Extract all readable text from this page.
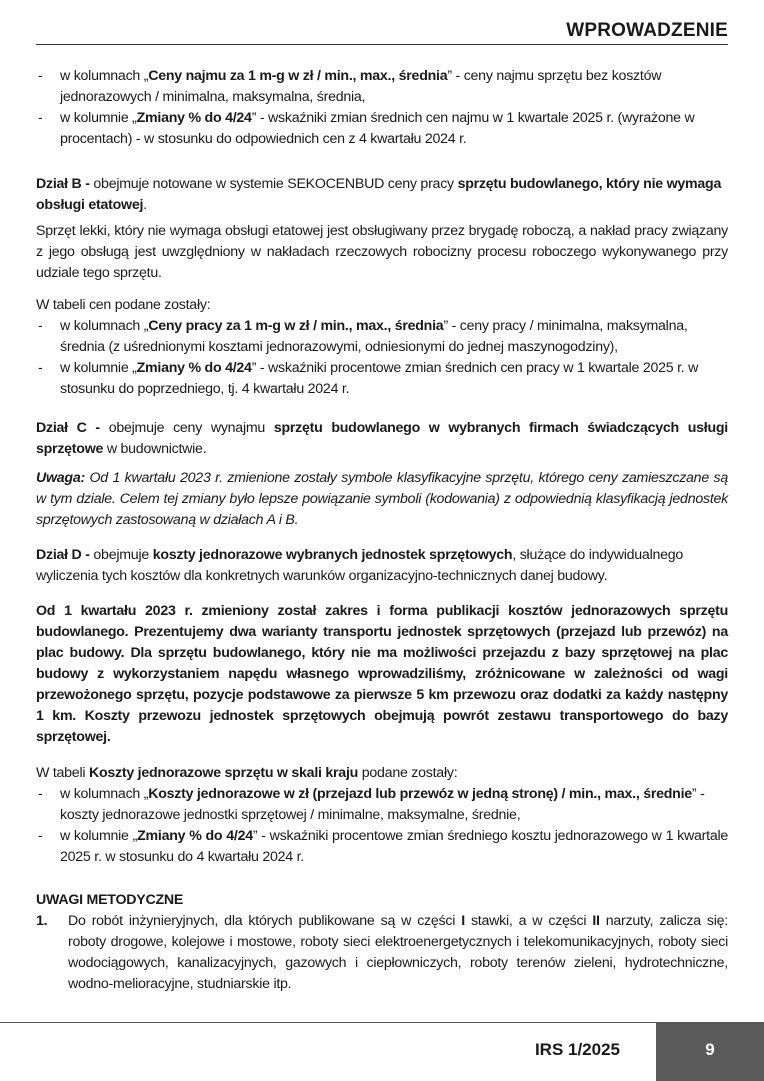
WPROWADZENIE

- w kolumnach „Ceny najmu za 1 m-g w zł / min., max., średnia” - ceny najmu sprzętu bez kosztów jednorazowych / minimalna, maksymalna, średnia,

- w kolumnie „Zmiany % do 4/24” - wskaźniki zmian średnich cen najmu w 1 kwartale 2025 r. (wyrażone w procentach) - w stosunku do odpowiednich cen z 4 kwartału 2024 r.

Dział B - obejmuje notowane w systemie SEKOCENBUD ceny pracy sprzętu budowlanego, który nie wymaga obsługi etatowej.

Sprzęt lekki, który nie wymaga obsługi etatowej jest obsługiwany przez brygadę roboczą, a nakład pracy związany z jego obsługą jest uwzględniony w nakładach rzeczowych robocizny procesu roboczego wykonywanego przy udziale tego sprzętu.

W tabeli cen podane zostały:

- w kolumnach „Ceny pracy za 1 m-g w zł / min., max., średnia” - ceny pracy / minimalna, maksymalna, średnia (z uśrednionymi kosztami jednorazowymi, odniesionymi do jednej maszynogodziny),

- w kolumnie „Zmiany % do 4/24” - wskaźniki procentowe zmian średnich cen pracy w 1 kwartale 2025 r. w stosunku do poprzedniego, tj. 4 kwartału 2024 r.

Dział C - obejmuje ceny wynajmu sprzętu budowlanego w wybranych firmach świadczących usługi sprzętowe w budownictwie.

Uwaga: Od 1 kwartału 2023 r. zmienione zostały symbole klasyfikacyjne sprzętu, którego ceny zamieszczane są w tym dziale. Celem tej zmiany było lepsze powiązanie symboli (kodowania) z odpowiednią klasyfikacją jednostek sprzętowych zastosowaną w działach A i B.

Dział D - obejmuje koszty jednorazowe wybranych jednostek sprzętowych, służące do indywidualnego wyliczenia tych kosztów dla konkretnych warunków organizacyjno-technicznych danej budowy.

Od 1 kwartału 2023 r. zmieniony został zakres i forma publikacji kosztów jednorazowych sprzętu budowlanego. Prezentujemy dwa warianty transportu jednostek sprzętowych (przejazd lub przewóz) na plac budowy. Dla sprzętu budowlanego, który nie ma możliwości przejazdu z bazy sprzętowej na plac budowy z wykorzystaniem napędu własnego wprowadziliśmy, zróżnicowane w zależności od wagi przewożonego sprzętu, pozycje podstawowe za pierwsze 5 km przewozu oraz dodatki za każdy następny 1 km. Koszty przewozu jednostek sprzętowych obejmują powrót zestawu transportowego do bazy sprzętowej.

W tabeli Koszty jednorazowe sprzętu w skali kraju podane zostały:

- w kolumnach „Koszty jednorazowe w zł (przejazd lub przewóz w jedną stronę) / min., max., średnie” - koszty jednorazowe jednostki sprzętowej / minimalne, maksymalne, średnie,

- w kolumnie „Zmiany % do 4/24” - wskaźniki procentowe zmian średniego kosztu jednorazowego w 1 kwartale 2025 r. w stosunku do 4 kwartału 2024 r.

UWAGI METODYCZNE

1. Do robót inżynieryjnych, dla których publikowane są w części I stawki, a w części II narzuty, zalicza się: roboty drogowe, kolejowe i mostowe, roboty sieci elektroenergetycznych i telekomunikacyjnych, roboty sieci wodociągowych, kanalizacyjnych, gazowych i ciepłowniczych, roboty terenów zieleni, hydrotechniczne, wodno-melioracyjne, studniarskie itp.

IRS 1/2025	9
